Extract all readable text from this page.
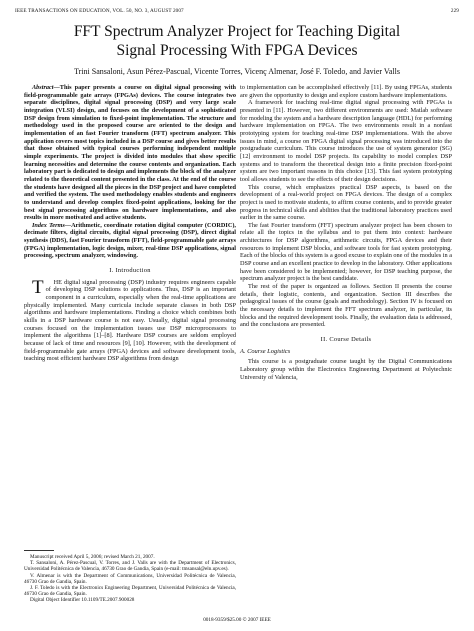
IEEE TRANSACTIONS ON EDUCATION, VOL. 50, NO. 3, AUGUST 2007	229
FFT Spectrum Analyzer Project for Teaching Digital
Signal Processing With FPGA Devices
Trini Sansaloni, Asun Pérez-Pascual, Vicente Torres, Vicenç Almenar, José F. Toledo, and Javier Valls

Abstract—This paper presents a course on digital signal processing with field-programmable gate arrays (FPGAs) devices. The course integrates two separate disciplines, digital signal processing (DSP) and very large scale integration (VLSI) design, and focuses on the development of a sophisticated DSP design from simulation to fixed-point implementation. The structure and methodology used in the proposed course are oriented to the design and implementation of an fast Fourier transform (FFT) spectrum analyzer. This application covers most topics included in a DSP course and gives better results that those obtained with typical courses performing independent multiple simple experiments. The project is divided into modules that show specific learning necessities and determine the course contents and organization. Each laboratory part is dedicated to design and implements the block of the analyzer related to the theoretical content presented in the class. At the end of the course the students have designed all the pieces in the DSP project and have completed and verified the system. The used methodology enables students and engineers to understand and develop complex fixed-point applications, looking for the best signal processing algorithms on hardware implementations, and also results in more motivated and active students.

Index Terms—Arithmetic, coordinate rotation digital computer (CORDIC), decimate filters, digital circuits, digital signal processing (DSP), direct digital synthesis (DDS), fast Fourier transform (FFT), field-programmable gate arrays (FPGA) implementation, logic design, mixer, real-time DSP applications, signal processing, spectrum analyzer, windowing.

I. Introduction

T HE digital signal processing (DSP) industry requires engineers capable of developing DSP solutions to applications. Thus, DSP is an important component in a curriculum, especially when the real-time applications are physically implemented. Many curricula include separate classes in both DSP algorithms and hardware implementations. Finding a choice which combines both skills in a DSP hardware course is not easy. Usually, digital signal processing courses focused on the implementation issues use DSP microprocessors to implement the algorithms [1]–[8]. Hardware DSP courses are seldom employed because of lack of time and resources [9], [10]. However, with the development of field-programmable gate arrays (FPGA) devices and software development tools, teaching most efficient hardware DSP algorithms from design

Manuscript received April 5, 2006; revised March 21, 2007.

T. Sansaloni, A. Pérez-Pascual, V. Torres, and J. Valls are with the Department of Electronics, Universidad Politécnica de Valencia, 46730 Grao de Gandia, Spain (e-mail: tmsansal@eln.upv.es).

V. Almenar is with the Department of Communications, Universidad Politécnica de Valencia, 46730 Grao de Gandia, Spain.

J. F. Toledo is with the Electronics Engineering Department, Universidad Politécnica de Valencia, 46730 Grao de Gandia, Spain.

Digital Object Identifier 10.1109/TE.2007.900028

to implementation can be accomplished effectively [11]. By using FPGAs, students are given the opportunity to design and explore custom hardware implementations.

A framework for teaching real-time digital signal processing with FPGAs is presented in [11]. However, two different environments are used: Matlab software for modeling the system and a hardware description language (HDL) for performing hardware implementation on FPGA. The two environments result in a nonfast prototyping system for teaching real-time DSP implementations. With the above issues in mind, a course on FPGA digital signal processing was introduced into the postgraduate curriculum. This course introduces the use of system generator (SG) [12] environment to model DSP projects. Its capability to model complex DSP systems and to transform the theoretical design into a finite precision fixed-point system are two important reasons in this choice [13]. This fast system prototyping tool allows students to see the effects of their design decisions.

This course, which emphasizes practical DSP aspects, is based on the development of a real-world project on FPGA devices. The design of a complex project is used to motivate students, to affirm course contents, and to provide greater progress in technical skills and abilities that the traditional laboratory practices used earlier in the same course.

The fast Fourier transform (FFT) spectrum analyzer project has been chosen to relate all the topics in the syllabus and to put them into context: hardware architectures for DSP algorithms, arithmetic circuits, FPGA devices and their resources to implement DSP blocks, and software tools for fast system prototyping. Each of the blocks of this system is a good excuse to explain one of the modules in a DSP course and an excellent practice to develop in the laboratory. Other applications have been considered to be implemented; however, for DSP teaching purpose, the spectrum analyzer project is the best candidate.

The rest of the paper is organized as follows. Section II presents the course details, their logistic, contents, and organization. Section III describes the pedagogical issues of the course (goals and methodology). Section IV is focused on the necessary details to implement the FFT spectrum analyzer, in particular, its blocks and the required development tools. Finally, the evaluation data is addressed, and the conclusions are presented.

II. Course Details
A. Course Logistics

This course is a postgraduate course taught by the Digital Communications Laboratory group within the Electronics Engineering Department at Polytechnic University of Valencia,

0018-9359/$25.00 © 2007 IEEE
